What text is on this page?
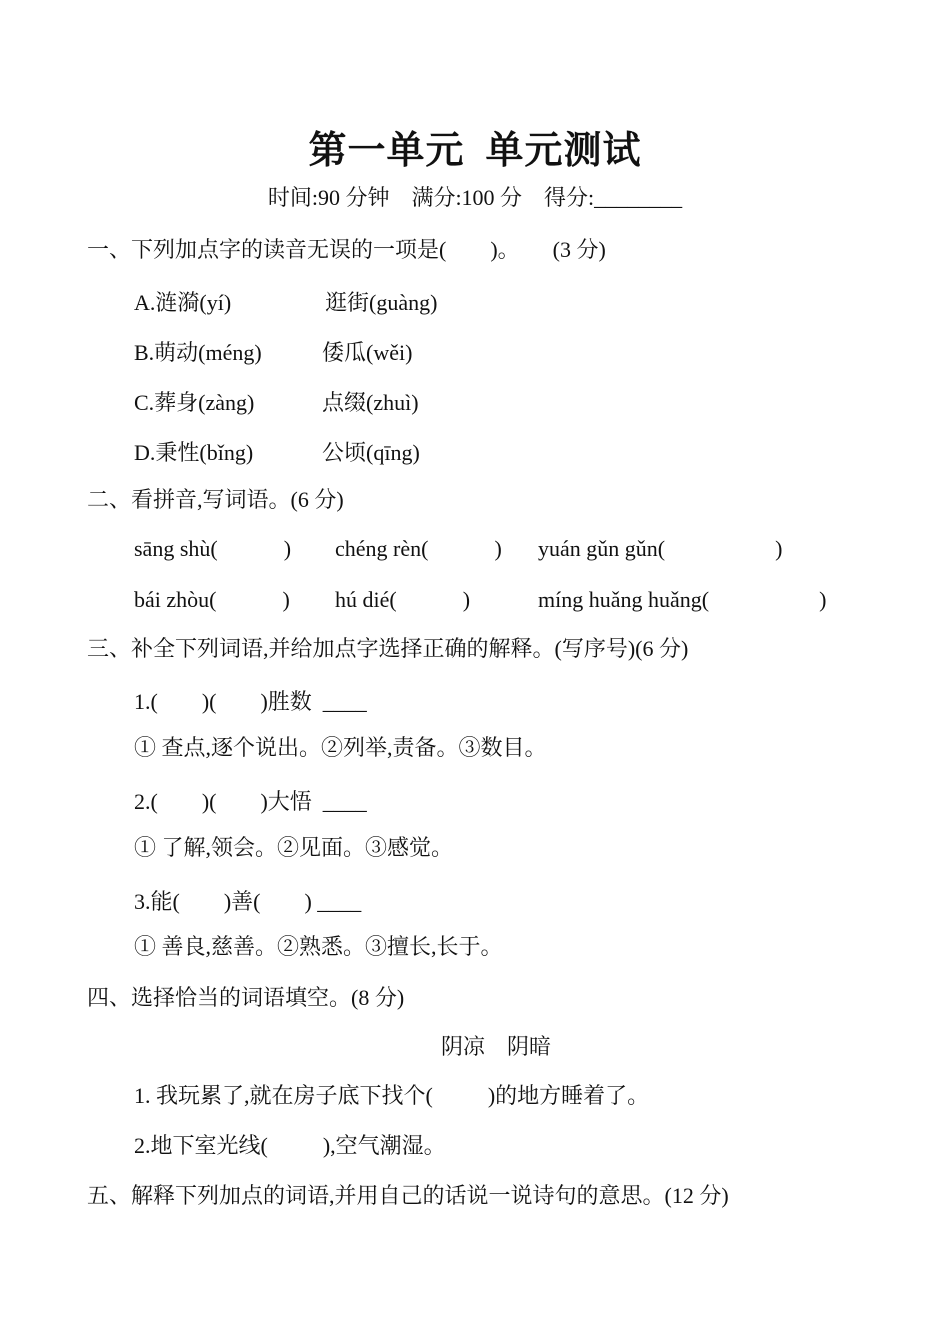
第一单元  单元测试
时间:90 分钟    满分:100 分    得分:________
一、下列加点字的读音无误的一项是(        )。      (3 分)
A.涟漪(yí)	逛街(guàng)
B.萌动(méng)	倭瓜(wěi)
C.葬身(zàng)	点缀(zhuì)
D.秉性(bǐng)	公顷(qīng)
二、看拼音,写词语。(6 分)
sāng shù(            ) chéng rèn(            ) yuán gǔn gǔn(                    )
bái zhòu(            ) hú dié(            )	míng huǎng huǎng(                    )
三、补全下列词语,并给加点字选择正确的解释。(写序号)(6 分)
1.(        )(        )胜数  ____
① 查点,逐个说出。②列举,责备。③数目。
2.(        )(        )大悟  ____
① 了解,领会。②见面。③感觉。
3.能(        )善(        ) ____
① 善良,慈善。②熟悉。③擅长,长于。
四、选择恰当的词语填空。(8 分)
阴凉    阴暗
1. 我玩累了,就在房子底下找个(          )的地方睡着了。
2.地下室光线(          ),空气潮湿。
五、解释下列加点的词语,并用自己的话说一说诗句的意思。(12 分)
